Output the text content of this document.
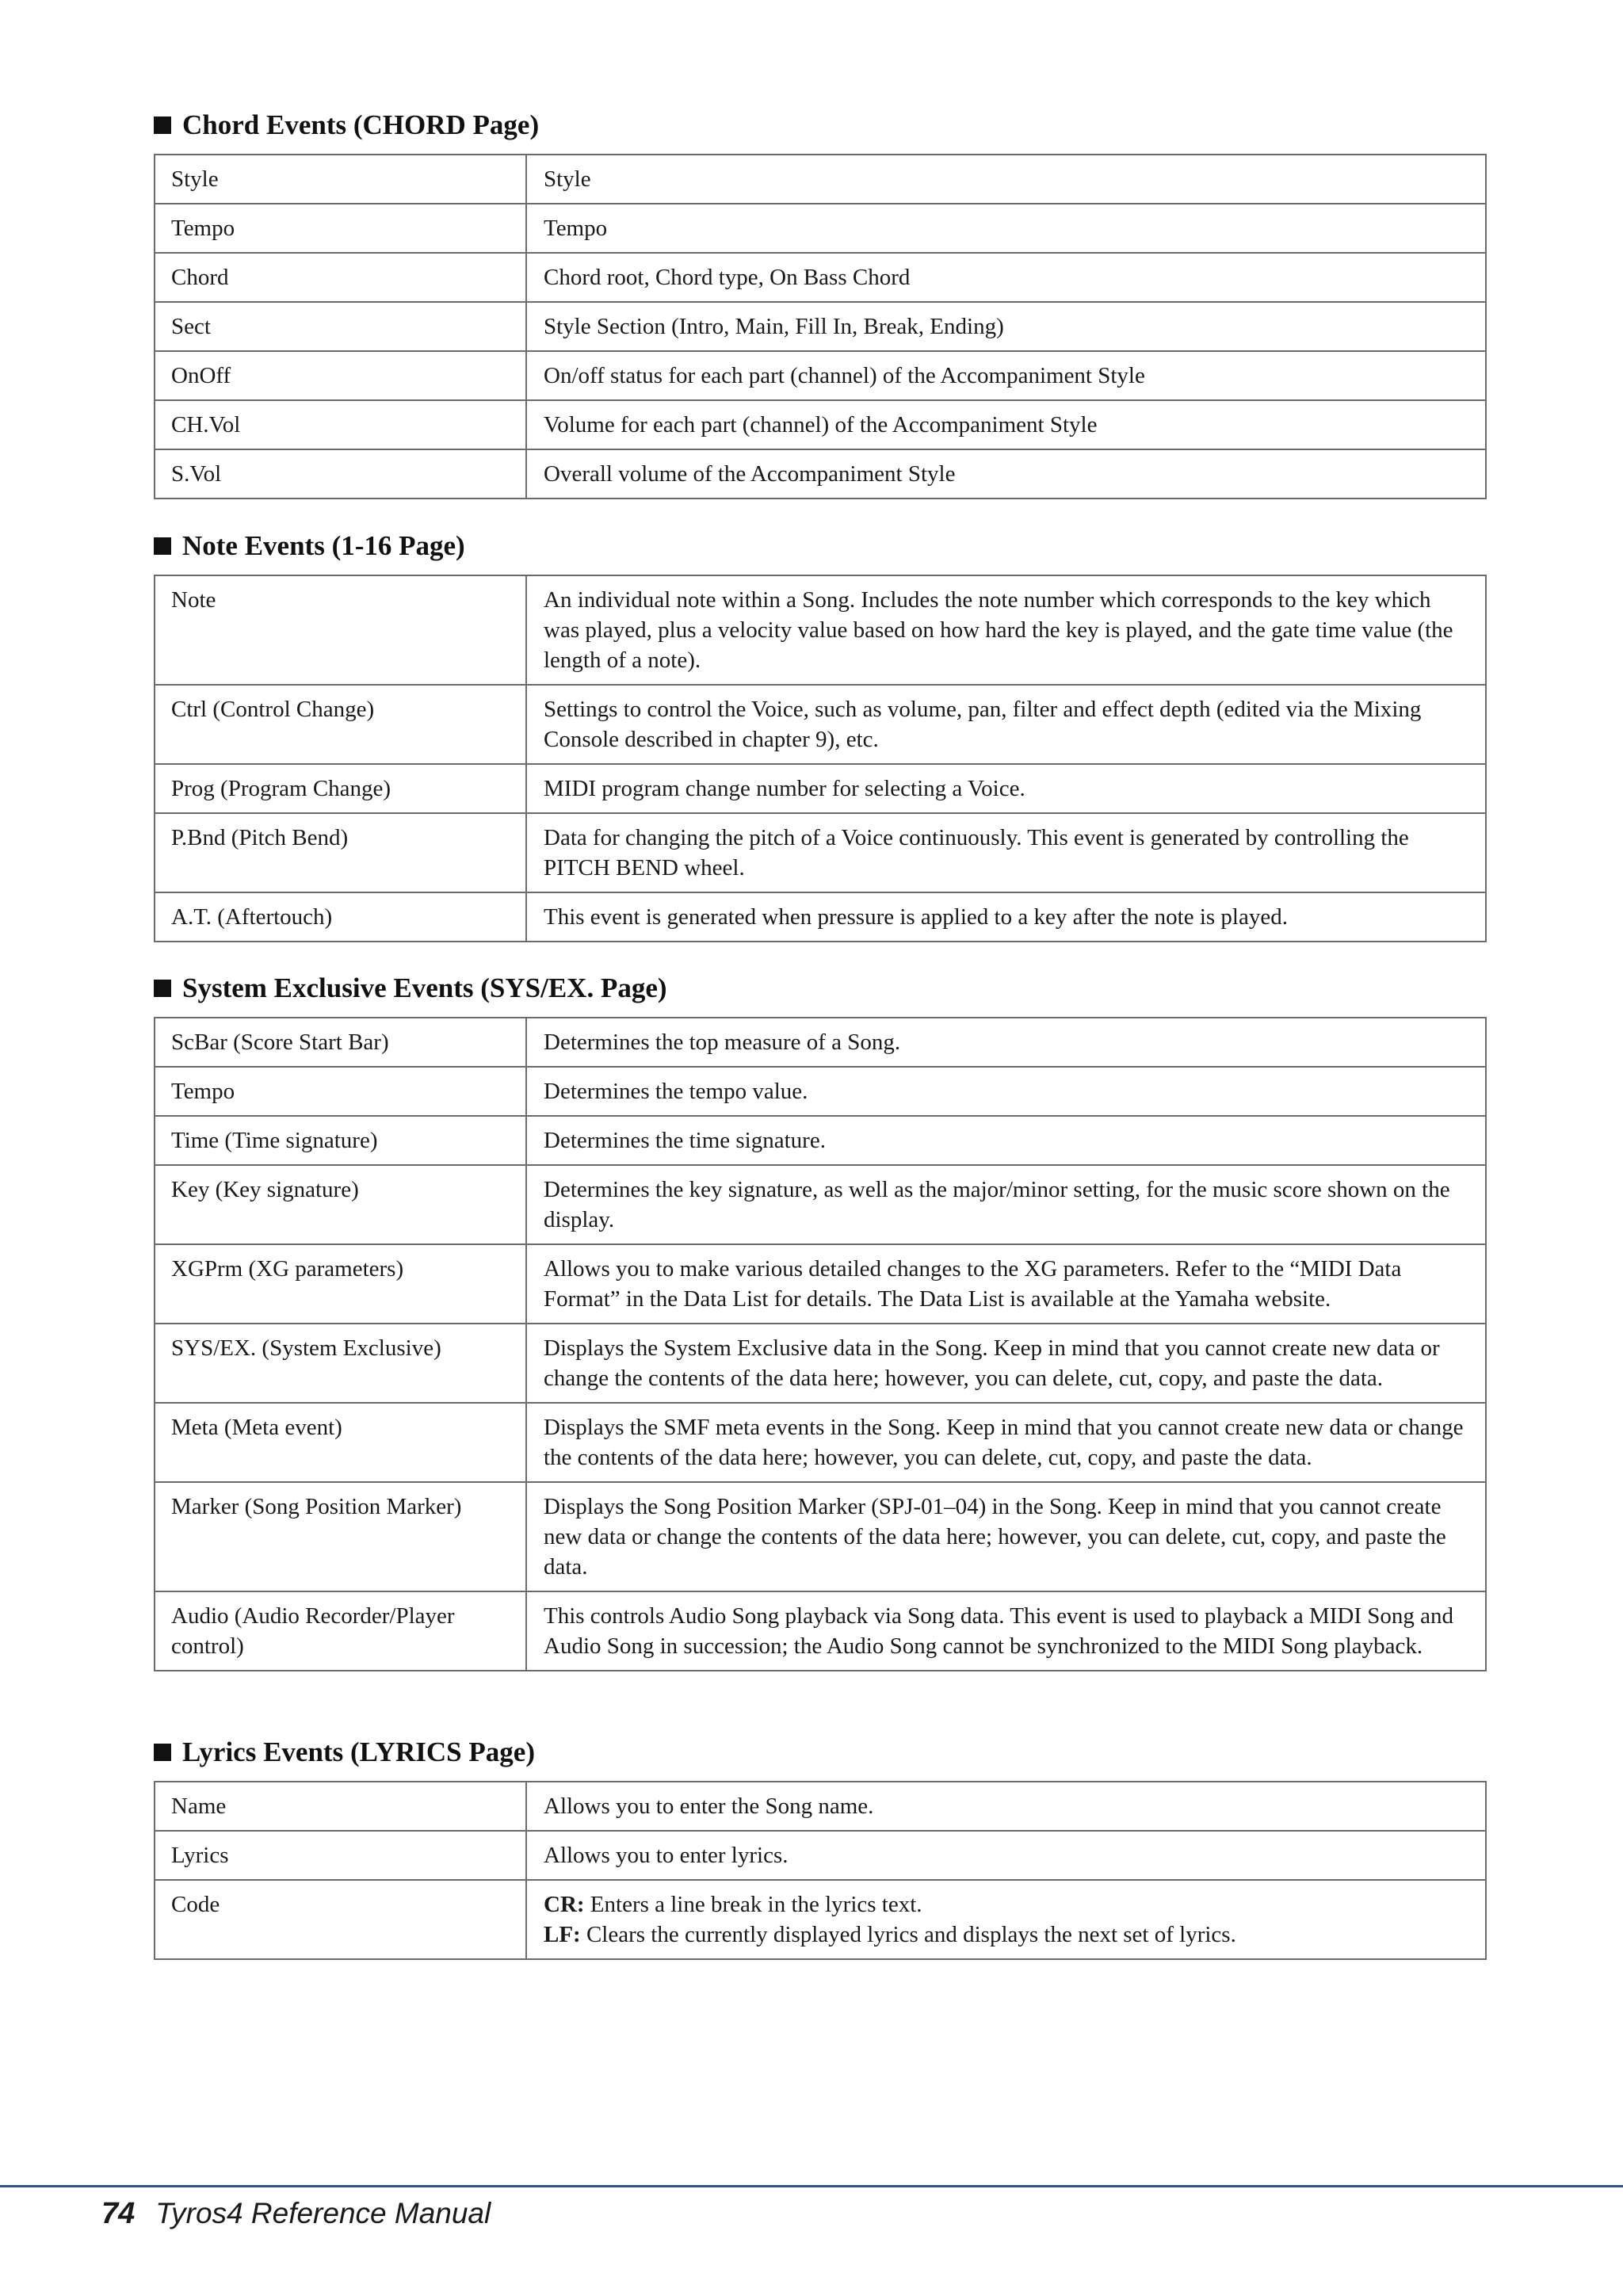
Chord Events (CHORD Page)
Style	Style
Tempo	Tempo
Chord	Chord root, Chord type, On Bass Chord
Sect	Style Section (Intro, Main, Fill In, Break, Ending)
OnOff	On/off status for each part (channel) of the Accompaniment Style
CH.Vol	Volume for each part (channel) of the Accompaniment Style
S.Vol	Overall volume of the Accompaniment Style
Note Events (1-16 Page)
Note	An individual note within a Song. Includes the note number which corresponds to the key which was played, plus a velocity value based on how hard the key is played, and the gate time value (the length of a note).
Ctrl (Control Change)	Settings to control the Voice, such as volume, pan, filter and effect depth (edited via the Mixing Console described in chapter 9), etc.
Prog (Program Change)	MIDI program change number for selecting a Voice.
P.Bnd (Pitch Bend)	Data for changing the pitch of a Voice continuously. This event is generated by controlling the PITCH BEND wheel.
A.T. (Aftertouch)	This event is generated when pressure is applied to a key after the note is played.
System Exclusive Events (SYS/EX. Page)
ScBar (Score Start Bar)	Determines the top measure of a Song.
Tempo	Determines the tempo value.
Time (Time signature)	Determines the time signature.
Key (Key signature)	Determines the key signature, as well as the major/minor setting, for the music score shown on the display.
XGPrm (XG parameters)	Allows you to make various detailed changes to the XG parameters. Refer to the “MIDI Data Format” in the Data List for details. The Data List is available at the Yamaha website.
SYS/EX. (System Exclusive)	Displays the System Exclusive data in the Song. Keep in mind that you cannot create new data or change the contents of the data here; however, you can delete, cut, copy, and paste the data.
Meta (Meta event)	Displays the SMF meta events in the Song. Keep in mind that you cannot create new data or change the contents of the data here; however, you can delete, cut, copy, and paste the data.
Marker (Song Position Marker)	Displays the Song Position Marker (SPJ-01–04) in the Song. Keep in mind that you cannot create new data or change the contents of the data here; however, you can delete, cut, copy, and paste the data.
Audio (Audio Recorder/Player control)	This controls Audio Song playback via Song data. This event is used to playback a MIDI Song and Audio Song in succession; the Audio Song cannot be synchronized to the MIDI Song playback.
Lyrics Events (LYRICS Page)
Name	Allows you to enter the Song name.
Lyrics	Allows you to enter lyrics.
Code	CR: Enters a line break in the lyrics text.
LF: Clears the currently displayed lyrics and displays the next set of lyrics.
74 Tyros4 Reference Manual
